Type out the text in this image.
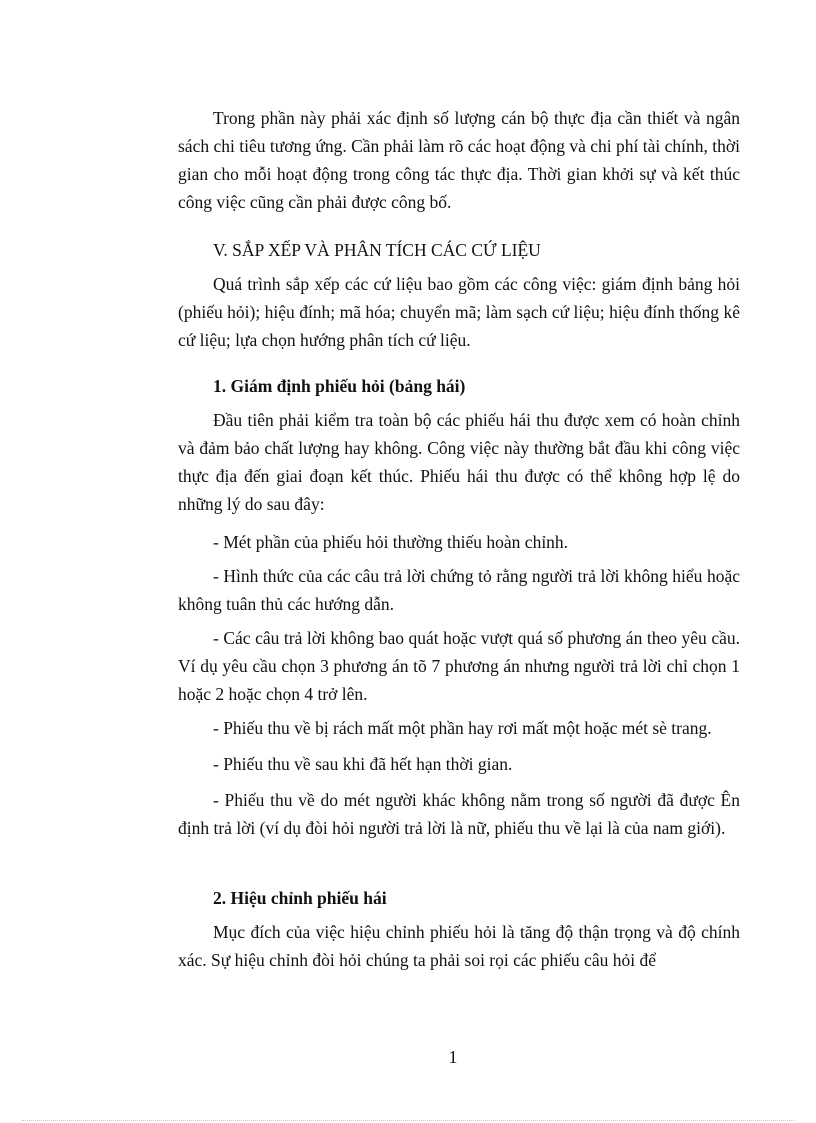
Trong phần này phải xác định số lượng cán bộ thực địa cần thiết và ngân sách chi tiêu tương ứng. Cần phải làm rõ các hoạt động và chi phí tài chính, thời gian cho mỗi hoạt động trong công tác thực địa. Thời gian khởi sự và kết thúc công việc cũng cần phải được công bố.
V. SẮP XẾP VÀ PHÂN TÍCH CÁC CỨ LIỆU
Quá trình sắp xếp các cứ liệu bao gồm các công việc: giám định bảng hỏi (phiếu hỏi); hiệu đính; mã hóa; chuyển mã; làm sạch cứ liệu; hiệu đính thống kê cứ liệu; lựa chọn hướng phân tích cứ liệu.
1. Giám định phiếu hỏi (bảng hái)
Đầu tiên phải kiểm tra toàn bộ các phiếu hái thu được xem có hoàn chỉnh và đảm bảo chất lượng hay không. Công việc này thường bắt đầu khi công việc thực địa đến giai đoạn kết thúc. Phiếu hái thu được có thể không hợp lệ do những lý do sau đây:
- Mét phần của phiếu hỏi thường thiếu hoàn chỉnh.
- Hình thức của các câu trả lời chứng tỏ rằng người trả lời không hiểu hoặc không tuân thủ các hướng dẫn.
- Các câu trả lời không bao quát hoặc vượt quá số phương án theo yêu cầu. Ví dụ yêu cầu chọn 3 phương án tõ 7 phương án nhưng người trả lời chỉ chọn 1 hoặc 2 hoặc chọn 4 trở lên.
- Phiếu thu về bị rách mất một phần hay rơi mất một hoặc mét sè trang.
- Phiếu thu về sau khi đã hết hạn thời gian.
- Phiếu thu về do mét người khác không nằm trong số người đã được Ên định trả lời (ví dụ đòi hỏi người trả lời là nữ, phiếu thu về lại là của nam giới).
2. Hiệu chỉnh phiếu hái
Mục đích của việc hiệu chỉnh phiếu hỏi là tăng độ thận trọng và độ chính xác. Sự hiệu chỉnh đòi hỏi chúng ta phải soi rọi các phiếu câu hỏi để
1
